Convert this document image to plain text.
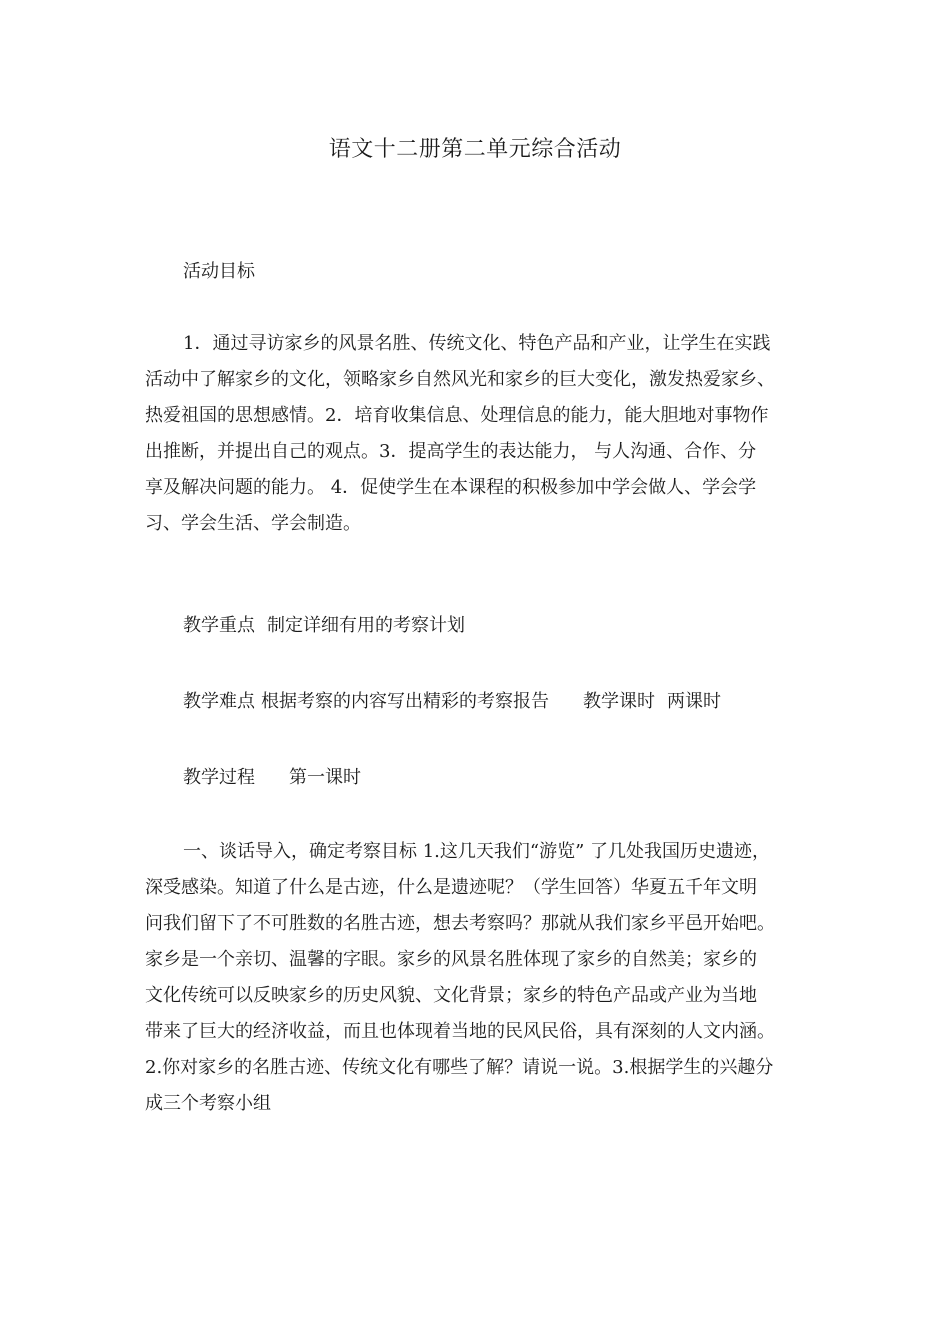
语文十二册第二单元综合活动

活动目标

1．通过寻访家乡的风景名胜、传统文化、特色产品和产业，让学生在实践
活动中了解家乡的文化，领略家乡自然风光和家乡的巨大变化，激发热爱家乡、
热爱祖国的思想感情。2．培育收集信息、处理信息的能力，能大胆地对事物作
出推断，并提出自己的观点。3．提高学生的表达能力， 与人沟通、合作、分
享及解决问题的能力。 4．促使学生在本课程的积极参加中学会做人、学会学
习、学会生活、学会制造。

教学重点 制定详细有用的考察计划

教学难点 根据考察的内容写出精彩的考察报告 教学课时 两课时

教学过程 第一课时

一、谈话导入，确定考察目标 1.这几天我们“游览” 了几处我国历史遗迹，
深受感染。知道了什么是古迹，什么是遗迹呢？（学生回答）华夏五千年文明
问我们留下了不可胜数的名胜古迹，想去考察吗？那就从我们家乡平邑开始吧。
家乡是一个亲切、温馨的字眼。家乡的风景名胜体现了家乡的自然美；家乡的
文化传统可以反映家乡的历史风貌、文化背景；家乡的特色产品或产业为当地
带来了巨大的经济收益，而且也体现着当地的民风民俗，具有深刻的人文内涵。
2.你对家乡的名胜古迹、传统文化有哪些了解？请说一说。3.根据学生的兴趣分
成三个考察小组
